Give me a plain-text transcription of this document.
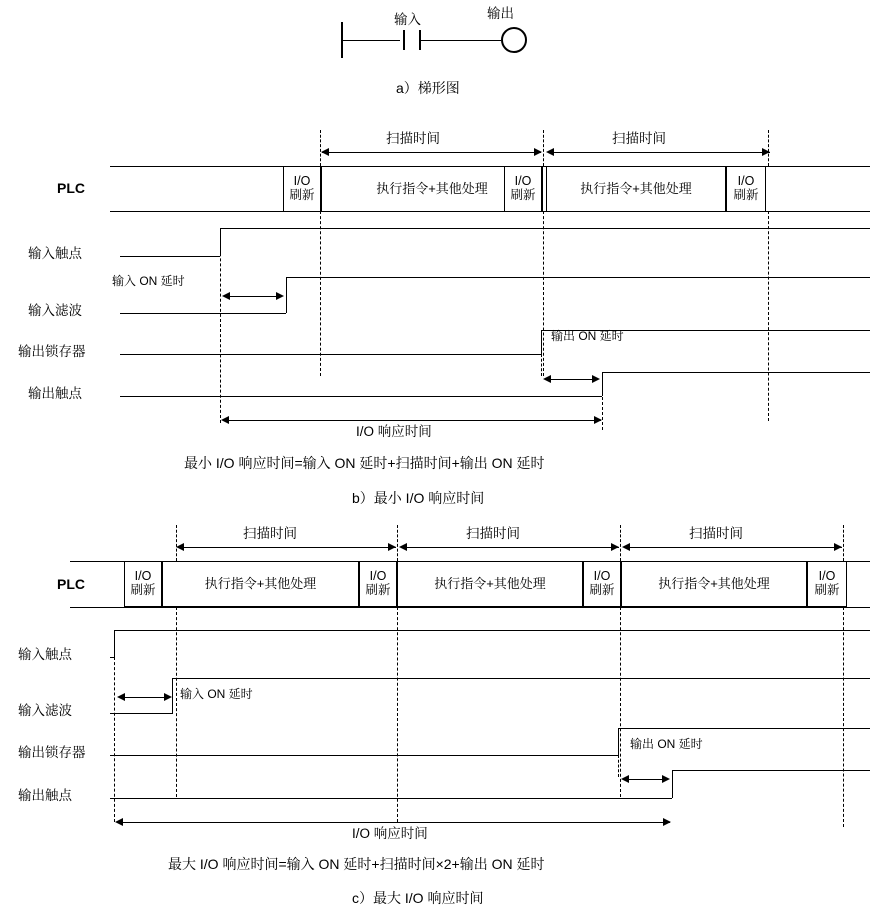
输入	输出
a）梯形图
扫描时间	扫描时间
PLC	I/O
刷新	执行指令+其他处理	I/O
刷新	执行指令+其他处理	I/O
刷新
输入触点
输入滤波
输入 ON 延时
输出锁存器
输出触点
输出 ON 延时
I/O 响应时间
最小 I/O 响应时间=输入 ON 延时+扫描时间+输出 ON 延时
b）最小 I/O 响应时间
扫描时间	扫描时间	扫描时间
PLC	I/O
刷新	执行指令+其他处理	I/O
刷新	执行指令+其他处理	I/O
刷新	执行指令+其他处理	I/O
刷新
输入触点
输入滤波
输入 ON 延时
输出锁存器
输出 ON 延时
输出触点
I/O 响应时间
最大 I/O 响应时间=输入 ON 延时+扫描时间×2+输出 ON 延时
c）最大 I/O 响应时间
